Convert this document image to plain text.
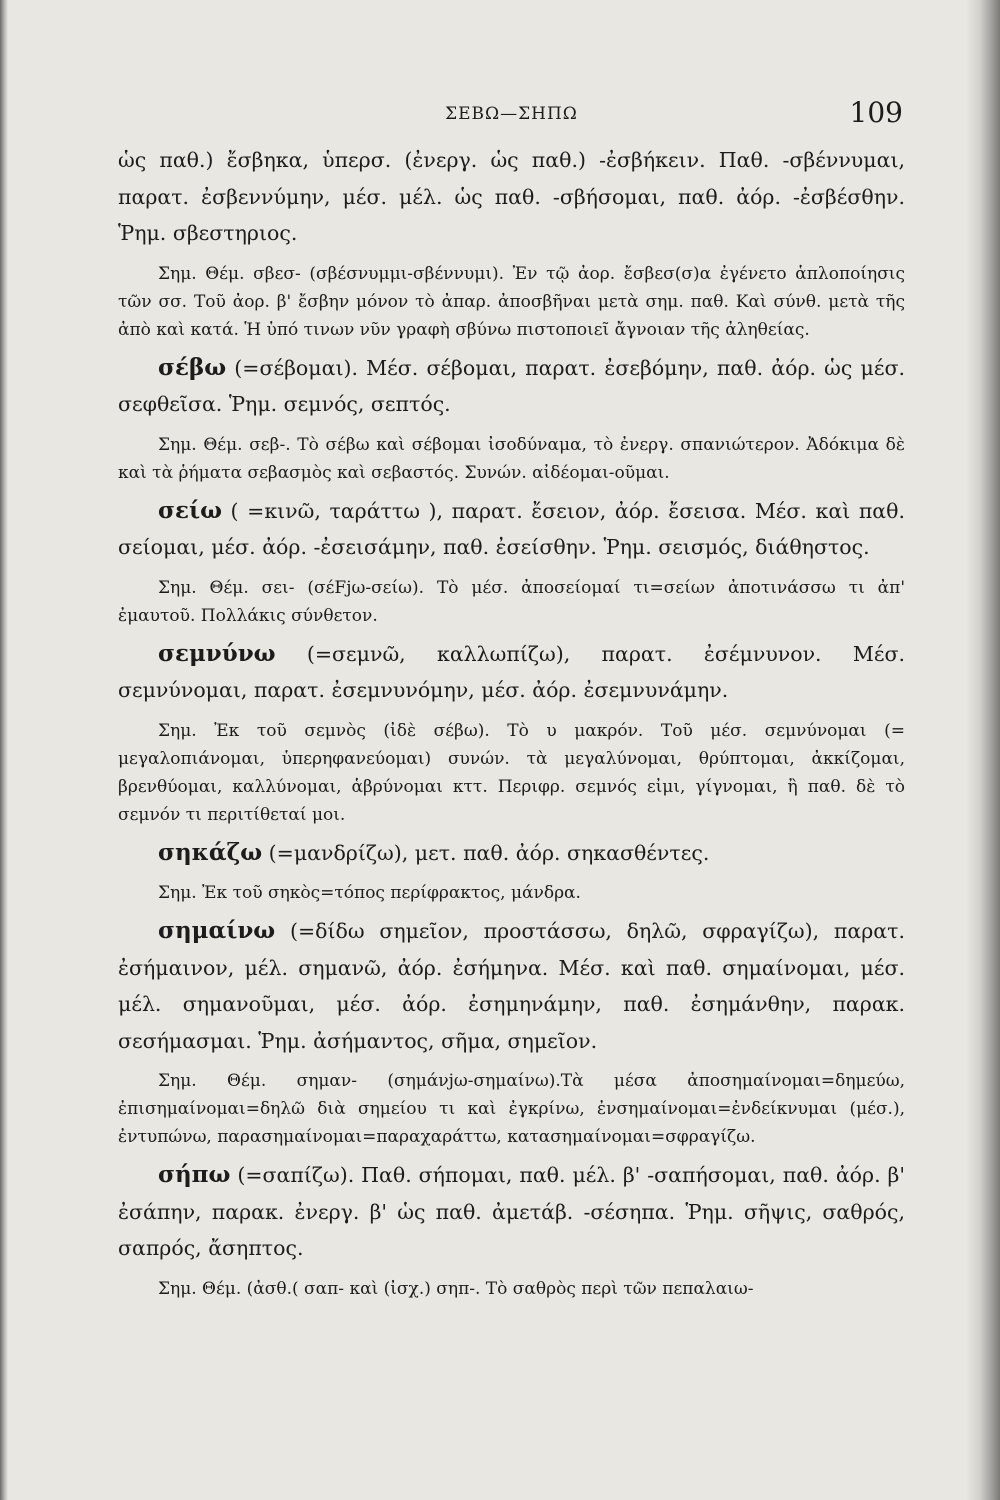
ΣΕΒΩ—ΣΗΠΩ	109

ὡς παθ.) ἔσβηκα, ὑπερσ. (ἐνεργ. ὡς παθ.) -ἐσβήκειν. Παθ. -σβέννυμαι, παρατ. ἐσβεννύμην, μέσ. μέλ. ὡς παθ. -σβήσομαι, παθ. ἀόρ. -ἐσβέσθην. Ῥημ. σβεστηριος.

Σημ. Θέμ. σβεσ- (σβέσνυμμι-σβέννυμι). Ἐν τῷ ἀορ. ἔσβεσ(σ)α ἐγένετο ἁπλοποίησις τῶν σσ. Τοῦ ἀορ. β' ἔσβην μόνον τὸ ἀπαρ. ἀποσβῆναι μετὰ σημ. παθ. Καὶ σύνθ. μετὰ τῆς ἀπὸ καὶ κατά. Ἡ ὑπό τινων νῦν γραφὴ σβύνω πιστοποιεῖ ἄγνοιαν τῆς ἀληθείας.

σέβω (=σέβομαι). Μέσ. σέβομαι, παρατ. ἐσεβόμην, παθ. ἀόρ. ὡς μέσ. σεφθεῖσα. Ῥημ. σεμνός, σεπτός.

Σημ. Θέμ. σεβ-. Τὸ σέβω καὶ σέβομαι ἰσοδύναμα, τὸ ἐνεργ. σπανιώτερον. Ἀδόκιμα δὲ καὶ τὰ ῥήματα σεβασμὸς καὶ σεβαστός. Συνών. αἰδέομαι-οῦμαι.

σείω ( =κινῶ, ταράττω ), παρατ. ἔσειον, ἀόρ. ἔσεισα. Μέσ. καὶ παθ. σείομαι, μέσ. ἀόρ. -ἐσεισάμην, παθ. ἐσείσθην. Ῥημ. σεισμός, διάθηστος.

Σημ. Θέμ. σει- (σέFjω-σείω). Τὸ μέσ. ἀποσείομαί τι=σείων ἀποτινάσσω τι ἀπ' ἐμαυτοῦ. Πολλάκις σύνθετον.

σεμνύνω (=σεμνῶ, καλλωπίζω), παρατ. ἐσέμνυνον. Μέσ. σεμνύνομαι, παρατ. ἐσεμνυνόμην, μέσ. ἀόρ. ἐσεμνυνάμην.

Σημ. Ἐκ τοῦ σεμνὸς (ἰδὲ σέβω). Τὸ υ μακρόν. Τοῦ μέσ. σεμνύνομαι (= μεγαλοπιάνομαι, ὑπερηφανεύομαι) συνών. τὰ μεγαλύνομαι, θρύπτομαι, ἀκκίζομαι, βρενθύομαι, καλλύνομαι, ἁβρύνομαι κττ. Περιφρ. σεμνός εἰμι, γίγνομαι, ἢ παθ. δὲ τὸ σεμνόν τι περιτίθεταί μοι.

σηκάζω (=μανδρίζω), μετ. παθ. ἀόρ. σηκασθέντες.

Σημ. Ἐκ τοῦ σηκὸς=τόπος περίφρακτος, μάνδρα.

σημαίνω (=δίδω σημεῖον, προστάσσω, δηλῶ, σφραγίζω), παρατ. ἐσήμαινον, μέλ. σημανῶ, ἀόρ. ἐσήμηνα. Μέσ. καὶ παθ. σημαίνομαι, μέσ. μέλ. σημανοῦμαι, μέσ. ἀόρ. ἐσημηνάμην, παθ. ἐσημάνθην, παρακ. σεσήμασμαι. Ῥημ. ἀσήμαντος, σῆμα, σημεῖον.

Σημ. Θέμ. σημαν- (σημάνjω-σημαίνω).Τὰ μέσα ἀποσημαίνομαι=δημεύω, ἐπισημαίνομαι=δηλῶ διὰ σημείου τι καὶ ἐγκρίνω, ἐνσημαίνομαι=ἐνδείκνυμαι (μέσ.), ἐντυπώνω, παρασημαίνομαι=παραχαράττω, κατασημαίνομαι=σφραγίζω.

σήπω (=σαπίζω). Παθ. σήπομαι, παθ. μέλ. β' -σαπήσομαι, παθ. ἀόρ. β' ἐσάπην, παρακ. ἐνεργ. β' ὡς παθ. ἀμετάβ. -σέσηπα. Ῥημ. σῆψις, σαθρός, σαπρός, ἄσηπτος.

Σημ. Θέμ. (ἀσθ.( σαπ- καὶ (ἰσχ.) σηπ-. Τὸ σαθρὸς περὶ τῶν πεπαλαιω-
